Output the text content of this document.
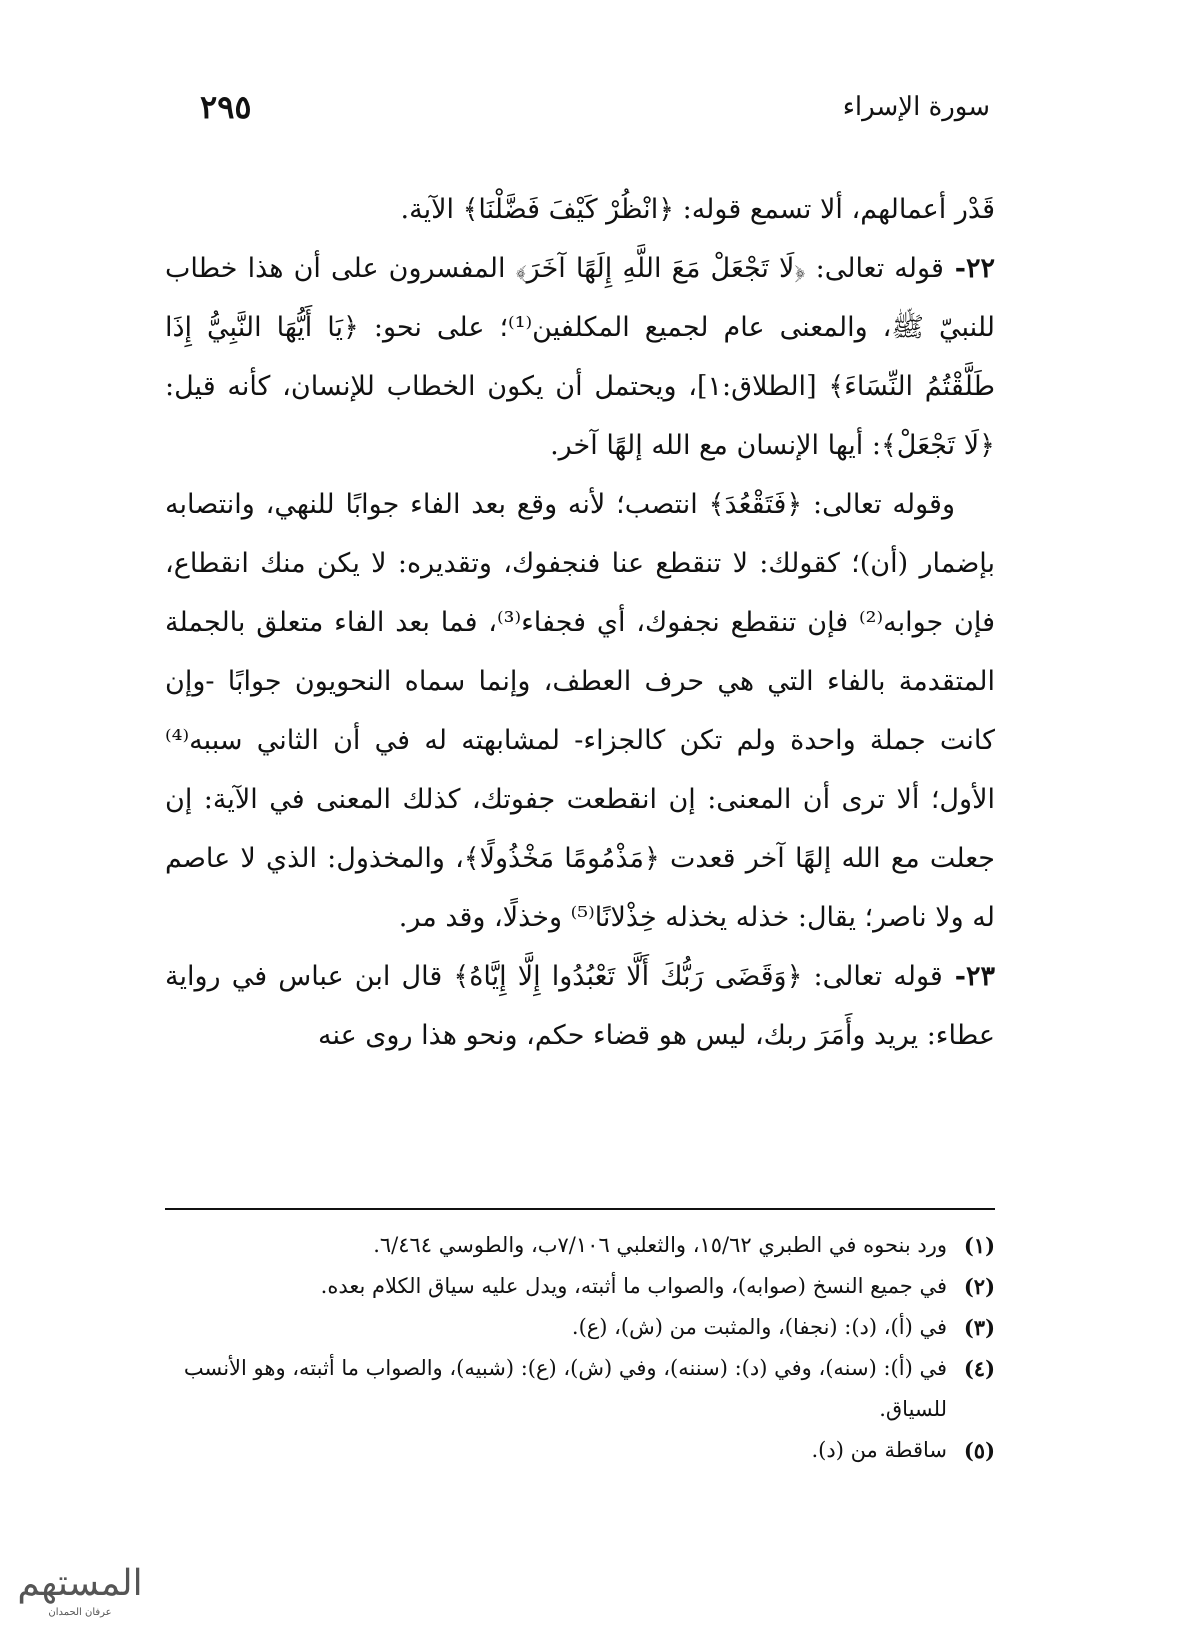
سورة الإسراء
٢٩٥

قَدْر أعمالهم، ألا تسمع قوله: ﴿انْظُرْ كَيْفَ فَضَّلْنَا﴾ الآية.

٢٢- قوله تعالى: ﴿لَا تَجْعَلْ مَعَ اللَّهِ إِلَهًا آخَرَ﴾ المفسرون على أن هذا خطاب للنبيّ ﷺ، والمعنى عام لجميع المكلفين⁽¹⁾؛ على نحو: ﴿يَا أَيُّهَا النَّبِيُّ إِذَا طَلَّقْتُمُ النِّسَاءَ﴾ [الطلاق:١]، ويحتمل أن يكون الخطاب للإنسان، كأنه قيل: ﴿لَا تَجْعَلْ﴾: أيها الإنسان مع الله إلهًا آخر.

وقوله تعالى: ﴿فَتَقْعُدَ﴾ انتصب؛ لأنه وقع بعد الفاء جوابًا للنهي، وانتصابه بإضمار (أن)؛ كقولك: لا تنقطع عنا فنجفوك، وتقديره: لا يكن منك انقطاع، فإن جوابه⁽²⁾ فإن تنقطع نجفوك، أي فجفاء⁽³⁾، فما بعد الفاء متعلق بالجملة المتقدمة بالفاء التي هي حرف العطف، وإنما سماه النحويون جوابًا -وإن كانت جملة واحدة ولم تكن كالجزاء- لمشابهته له في أن الثاني سببه⁽⁴⁾ الأول؛ ألا ترى أن المعنى: إن انقطعت جفوتك، كذلك المعنى في الآية: إن جعلت مع الله إلهًا آخر قعدت ﴿مَذْمُومًا مَخْذُولًا﴾، والمخذول: الذي لا عاصم له ولا ناصر؛ يقال: خذله يخذله خِذْلانًا⁽⁵⁾ وخذلًا، وقد مر.

٢٣- قوله تعالى: ﴿وَقَضَى رَبُّكَ أَلَّا تَعْبُدُوا إِلَّا إِيَّاهُ﴾ قال ابن عباس في رواية عطاء: يريد وأَمَرَ ربك، ليس هو قضاء حكم، ونحو هذا روى عنه

(١)
ورد بنحوه في الطبري ١٥/٦٢، والثعلبي ٧/١٠٦ب، والطوسي ٦/٤٦٤.
(٢)
في جميع النسخ (صوابه)، والصواب ما أثبته، ويدل عليه سياق الكلام بعده.
(٣)
في (أ)، (د): (نجفا)، والمثبت من (ش)، (ع).
(٤)
في (أ): (سنه)، وفي (د): (سننه)، وفي (ش)، (ع): (شبيه)، والصواب ما أثبته، وهو الأنسب للسياق.
(٥)
ساقطة من (د).
المستهم
عرفان الحمدان
